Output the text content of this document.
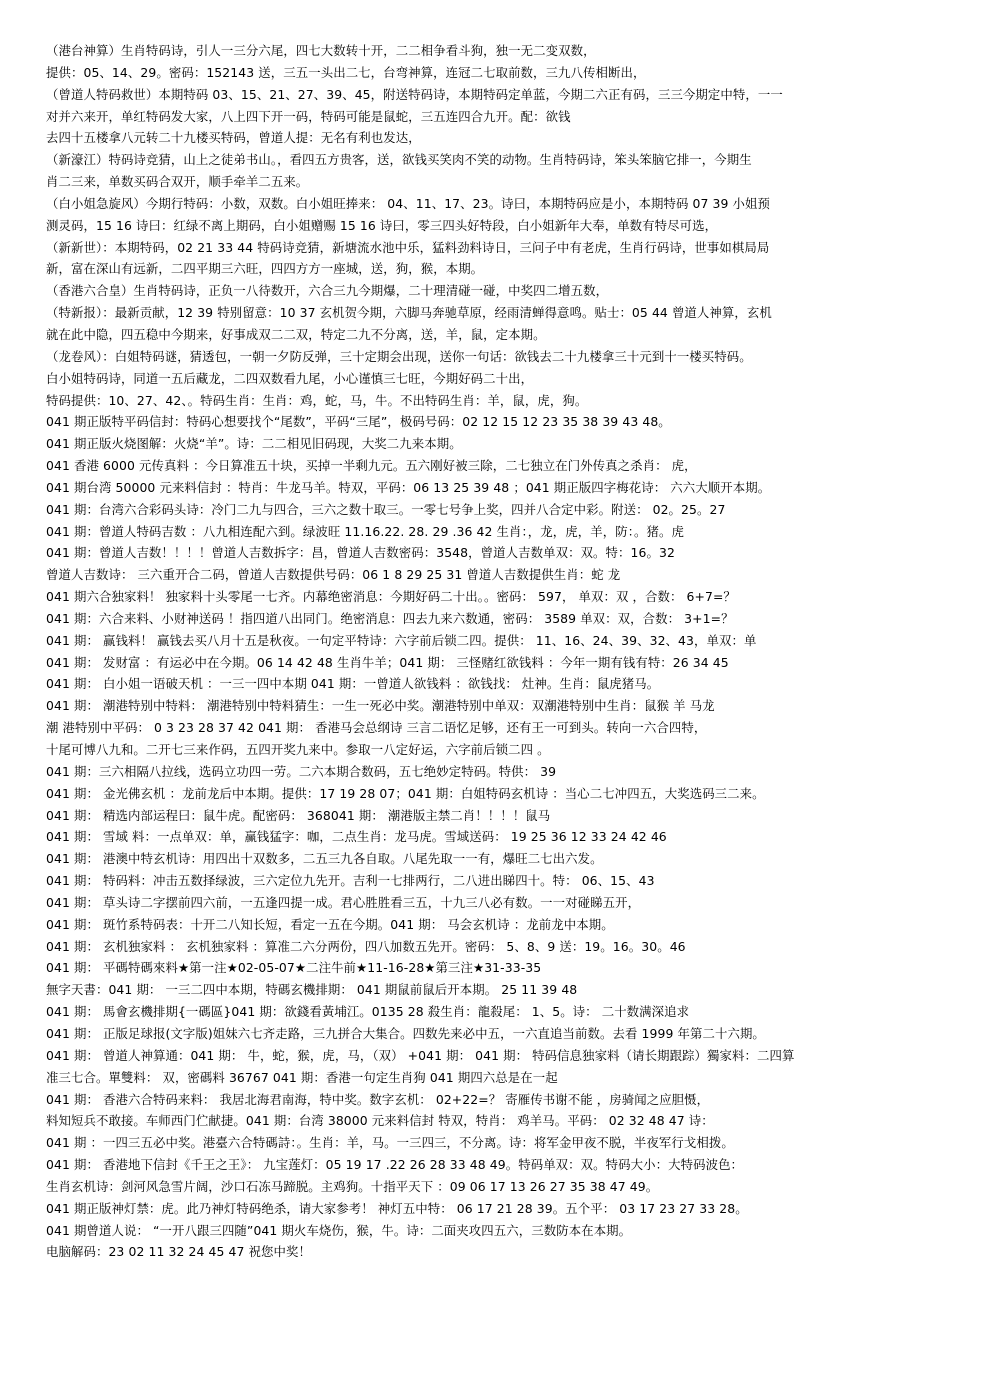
（港台神算）生肖特码诗，引人一三分六尾，四七大数转十开，二二相争看斗狗，独一无二变双数，
提供：05、14、29。密码：152143 送，三五一头出二七，台弯神算，连冠二七取前数，三九八传相断出，
（曾道人特码救世）本期特码 03、15、21、27、39、45，附送特码诗，本期特码定单蓝，今期二六正有码，三三今期定中特，一一
对并六来开，单红特码发大家，八上四下开一码，特码可能是鼠蛇，三五连四合九开。配：欲钱
去四十五楼拿八元转二十九楼买特码，曾道人提：无名有利也发达，
（新濠江）特码诗竞猜，山上之徒弟书山。，看四五方贵客，送，欲钱买笑肉不笑的动物。生肖特码诗，笨头笨脑它排一，今期生
肖二三来，单数买码合双开，顺手牵羊二五来。
（白小姐急旋风）今期行特码：小数，双数。白小姐旺捧来： 04、11、17、23。诗曰，本期特码应是小，本期特码 07 39 小姐预
测灵码，15 16 诗曰：红绿不离上期码，白小姐赠赐 15 16 诗曰，零三四头好特段，白小姐新年大奉，单数有特尽可选，
（新新世）：本期特码，02 21 33 44 特码诗竞猜，新塘流水池中乐，猛料劲料诗日，三问子中有老虎，生肖行码诗，世事如棋局局
新，富在深山有远新，二四平期三六旺，四四方方一座城，送，狗，猴，本期。
（香港六合皇）生肖特码诗，正负一八待数开，六合三九今期爆，二十理清碰一碰，中奖四二增五数，
（特新报）：最新贡献，12 39 特别留意：10 37 玄机贺今期，六脚马奔驰草原，经雨清蝉得意鸣。贴士：05 44 曾道人神算，玄机
就在此中隐，四五稳中今期来，好事成双二二双，特定二九不分离，送，羊，鼠，定本期。
（龙卷风）：白姐特码谜，猜透包，一朝一夕防反弹，三十定期会出现，送你一句话：欲钱去二十九楼拿三十元到十一楼买特码。
白小姐特码诗，同道一五后藏龙，二四双数看九尾，小心谨慎三七旺，今期好码二十出，
特码提供：10、27、42、。特码生肖：生肖：鸡，蛇，马，牛。不出特码生肖：羊，鼠，虎，狗。
041 期正版特平码信封：特码心想要找个“尾数”，平码“三尾”，极码号码：02 12 15 12 23 35 38 39 43 48。
041 期正版火烧图解：火烧“羊”。诗：二二相见旧码现，大奖二九来本期。
041 香港 6000 元传真料 ：今日算准五十块，买掉一半剩九元。五六刚好被三除，二七独立在门外传真之杀肖： 虎，
041 期台湾 50000 元来料信封 ：特肖：牛龙马羊。特双，平码：06 13 25 39 48 ；041 期正版四字梅花诗： 六六大顺开本期。
041 期：台湾六合彩码头诗：冷门二九与四合，三六之数十取三。一零七号争上奖，四并八合定中彩。附送： 02。25。27
041 期：曾道人特码吉数 ：八九相连配六到。绿波旺 11.16.22. 28. 29 .36 42 生肖：，龙，虎，羊，防：。猪。虎
041 期：曾道人吉数！！！！曾道人吉数拆字：昌，曾道人吉数密码：3548，曾道人吉数单双：双。特：16。32
曾道人吉数诗： 三六重开合二码，曾道人吉数提供号码：06 1 8 29 25 31 曾道人吉数提供生肖：蛇 龙
041 期六合独家料！ 独家料十头零尾一七齐。内幕绝密消息：今期好码二十出。。密码： 597， 单双：双 ，合数： 6+7=？
041 期：六合来料、小财神送码 ！指四道八出同门。绝密消息：四去九来六数通，密码： 3589 单双：双，合数： 3+1=？
041 期： 赢钱料！ 赢钱去买八月十五是秋夜。一句定平特诗：六字前后锁二四。提供： 11、16、24、39、32、43，单双：单
041 期： 发财富 ：有运必中在今期。06 14 42 48 生肖牛羊；041 期： 三怪赌红欲钱料 ：今年一期有钱有特：26 34 45
041 期： 白小姐一语破天机 ：一三一四中本期 041 期：一曾道人欲钱料 ：欲钱找： 灶神。生肖：鼠虎猪马。
041 期： 潮港特别中特料： 潮港特别中特料猜生：一生一死必中奖。潮港特别中单双：双潮港特别中生肖：鼠猴 羊 马龙
潮 港特别中平码： 0 3 23 28 37 42 041 期： 香港马会总纲诗 三言二语忆足够，还有王一可到头。转向一六合四特，
十尾可博八九和。二开七三来作码，五四开奖九来中。参取一八定好运，六字前后锁二四 。
041 期：三六相隔八拉线，选码立功四一劳。二六本期合数码，五七绝妙定特码。特供： 39
041 期： 金光佛玄机 ：龙前龙后中本期。提供：17 19 28 07；041 期：白姐特码玄机诗 ：当心二七冲四五，大奖选码三二来。
041 期： 精选内部运程曰：鼠牛虎。配密码： 368041 期： 潮港版主禁二肖！！！！鼠马
041 期： 雪域 料：一点单双：单，赢钱猛字：咖，二点生肖：龙马虎。雪域送码： 19 25 36 12 33 24 42 46
041 期： 港澳中特玄机诗：用四出十双数多，二五三九各自取。八尾先取一一有，爆旺二七出六发。
041 期： 特码料：冲击五数择绿波，三六定位九先开。吉利一七排两行，二八进出睇四十。特： 06、15、43
041 期： 草头诗二字摆前四六前，一五逢四提一成。君心胜胜看三五，十九三八必有数。一一对碰睇五开，
041 期： 斑竹系特码表：十开二八知长短，看定一五在今期。041 期： 马会玄机诗 ：龙前龙中本期。
041 期： 玄机独家料 ： 玄机独家料 ：算准二六分两份，四八加数五先开。密码： 5、8、9 送：19。16。30。46
041 期： 平碼特碼來料★第一注★02-05-07★二注牛前★11-16-28★第三注★31-33-35
無字天書：041 期： 一三二四中本期，特碼玄機排期： 041 期鼠前鼠后开本期。 25 11 39 48
041 期： 馬會玄機排期{一碼區}041 期：欲錢看黃埔江。0135 28 殺生肖：龍殺尾： 1、5。诗： 二十数满深追求
041 期： 正版足球报(文字版)姐妹六七齐走路，三九拼合大集合。四数先来必中五，一六直追当前数。去看 1999 年第二十六期。
041 期： 曾道人神算通：041 期： 牛，蛇，猴，虎，马，（双） +041 期： 041 期： 特码信息独家料（请长期跟踪）獨家料：二四算
准三七合。單雙料： 双，密碼料 36767 041 期：香港一句定生肖狗 041 期四六总是在一起
041 期： 香港六合特码来料： 我居北海君南海，特中奖。数字玄机： 02+22=？ 寄雁传书谢不能 ，房骑闻之应胆慑，
料知短兵不敢接。车师西门伫献捷。041 期：台湾 38000 元来料信封 特双，特肖： 鸡羊马。平码： 02 32 48 47 诗：
041 期 ：一四三五必中奖。港臺六合特碼詩：。生肖：羊，马。一三四三，不分离。诗：将军金甲夜不脱，半夜军行戈相拨。
041 期： 香港地下信封《千王之王》： 九宝莲灯：05 19 17 .22 26 28 33 48 49。特码单双：双。特码大小：大特码波色：
生肖玄机诗：剑河风急雪片阔，沙口石冻马蹄脱。主鸡狗。十指平天下 ：09 06 17 13 26 27 35 38 47 49。
041 期正版神灯禁：虎。此乃神灯特码绝杀，请大家参考！ 神灯五中特： 06 17 21 28 39。五个平： 03 17 23 27 33 28。
041 期曾道人说： “一开八跟三四随”041 期火车烧伤，猴，牛。诗：二面夹攻四五六，三数防本在本期。
电脑解码：23 02 11 32 24 45 47 祝您中奖！
